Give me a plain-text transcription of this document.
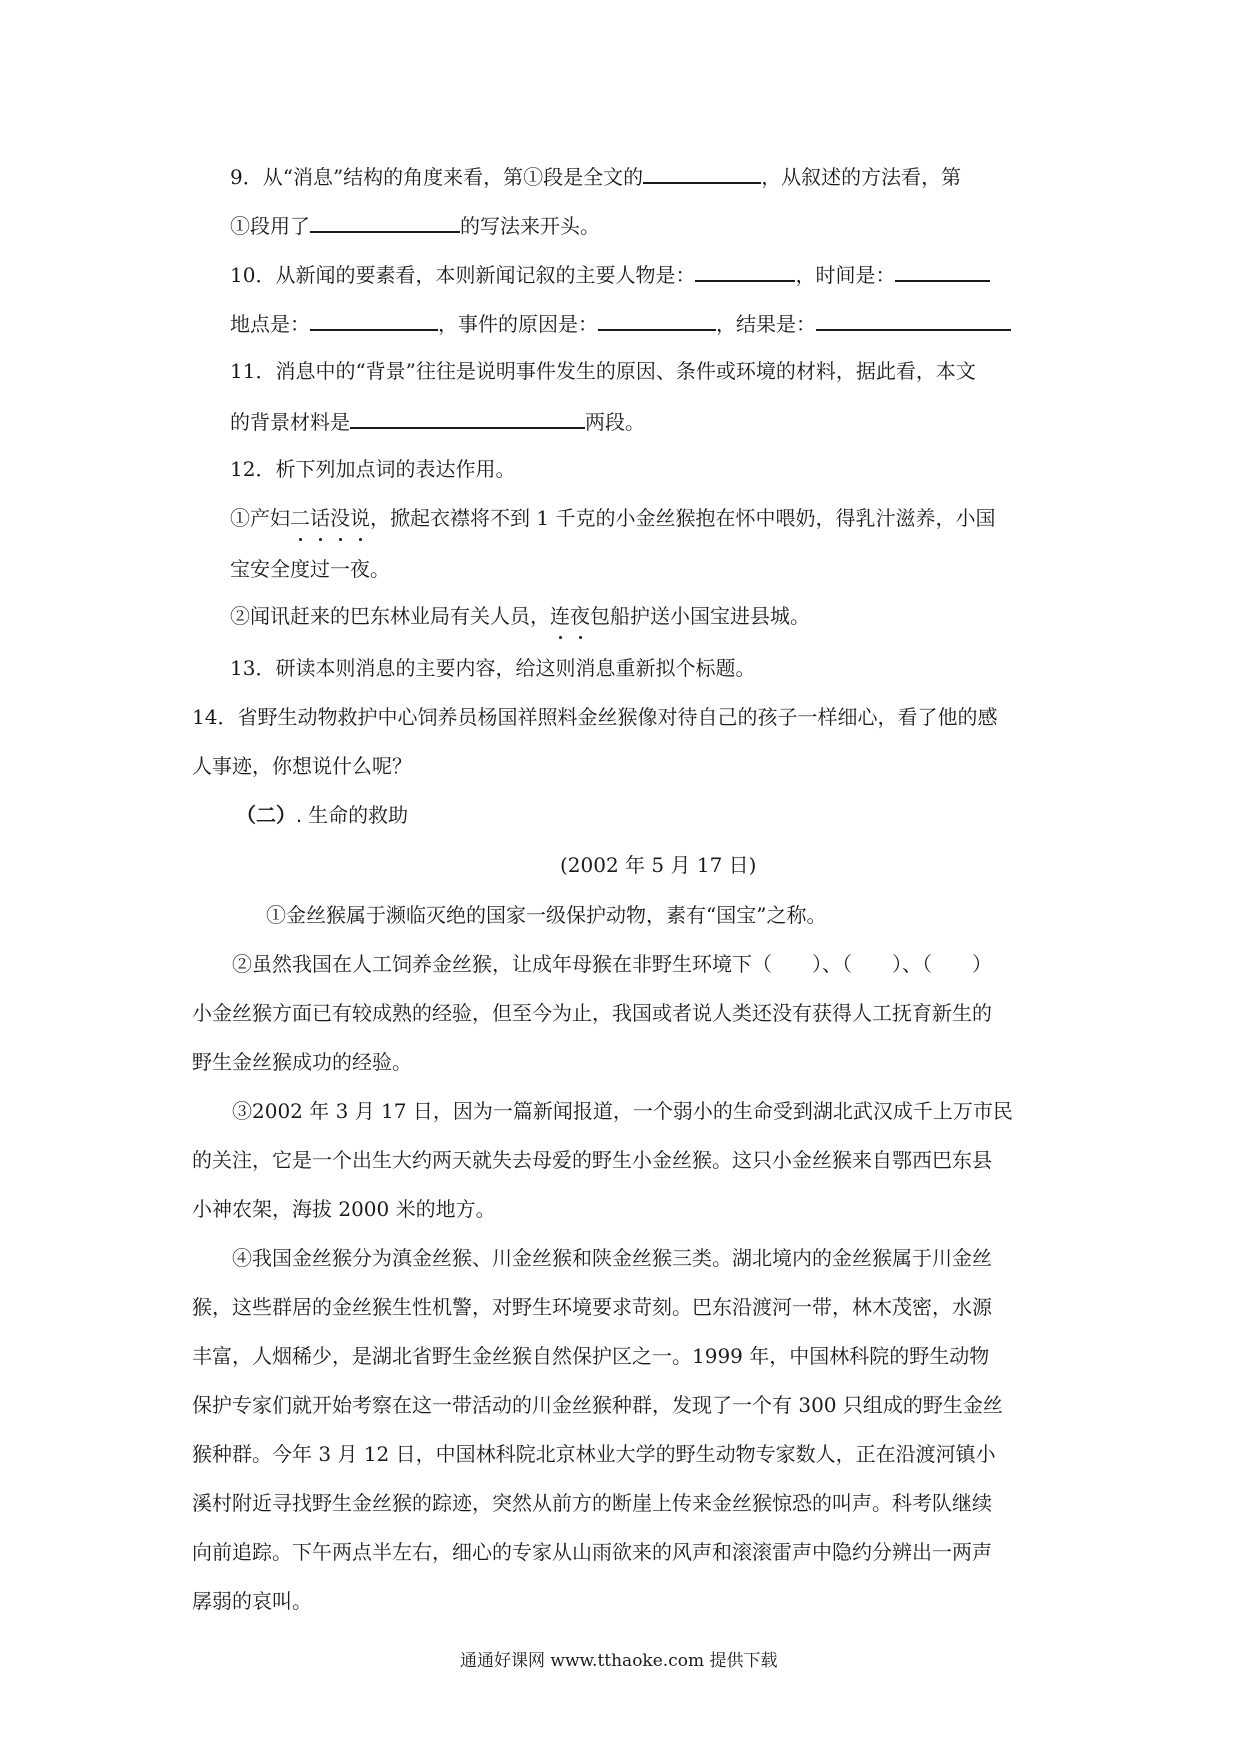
9．从“消息”结构的角度来看，第①段是全文的	，从叙述的方法看，第
①段用了	的写法来开头。
10．从新闻的要素看，本则新闻记叙的主要人物是：	，时间是：
地点是：	，事件的原因是：	，结果是：
11．消息中的“背景”往往是说明事件发生的原因、条件或环境的材料，据此看，本文
的背景材料是	两段。
12．析下列加点词的表达作用。
①产妇二话没说，掀起衣襟将不到 1 千克的小金丝猴抱在怀中喂奶，得乳汁滋养，小国
宝安全度过一夜。
②闻讯赶来的巴东林业局有关人员，连夜包船护送小国宝进县城。
13．研读本则消息的主要内容，给这则消息重新拟个标题。
14．省野生动物救护中心饲养员杨国祥照料金丝猴像对待自己的孩子一样细心，看了他的感
人事迹，你想说什么呢？
（二）. 生命的救助
(2002 年 5 月 17 日)
①金丝猴属于濒临灭绝的国家一级保护动物，素有“国宝”之称。
②虽然我国在人工饲养金丝猴，让成年母猴在非野生环境下（　　）、（　　）、（　　）
小金丝猴方面已有较成熟的经验，但至今为止，我国或者说人类还没有获得人工抚育新生的
野生金丝猴成功的经验。
③2002 年 3 月 17 日，因为一篇新闻报道，一个弱小的生命受到湖北武汉成千上万市民
的关注，它是一个出生大约两天就失去母爱的野生小金丝猴。这只小金丝猴来自鄂西巴东县
小神农架，海拔 2000 米的地方。
④我国金丝猴分为滇金丝猴、川金丝猴和陕金丝猴三类。湖北境内的金丝猴属于川金丝
猴，这些群居的金丝猴生性机警，对野生环境要求苛刻。巴东沿渡河一带，林木茂密，水源
丰富，人烟稀少，是湖北省野生金丝猴自然保护区之一。1999 年，中国林科院的野生动物
保护专家们就开始考察在这一带活动的川金丝猴种群，发现了一个有 300 只组成的野生金丝
猴种群。今年 3 月 12 日，中国林科院北京林业大学的野生动物专家数人，正在沿渡河镇小
溪村附近寻找野生金丝猴的踪迹，突然从前方的断崖上传来金丝猴惊恐的叫声。科考队继续
向前追踪。下午两点半左右，细心的专家从山雨欲来的风声和滚滚雷声中隐约分辨出一两声
孱弱的哀叫。
通通好课网 www.tthaoke.com 提供下载
